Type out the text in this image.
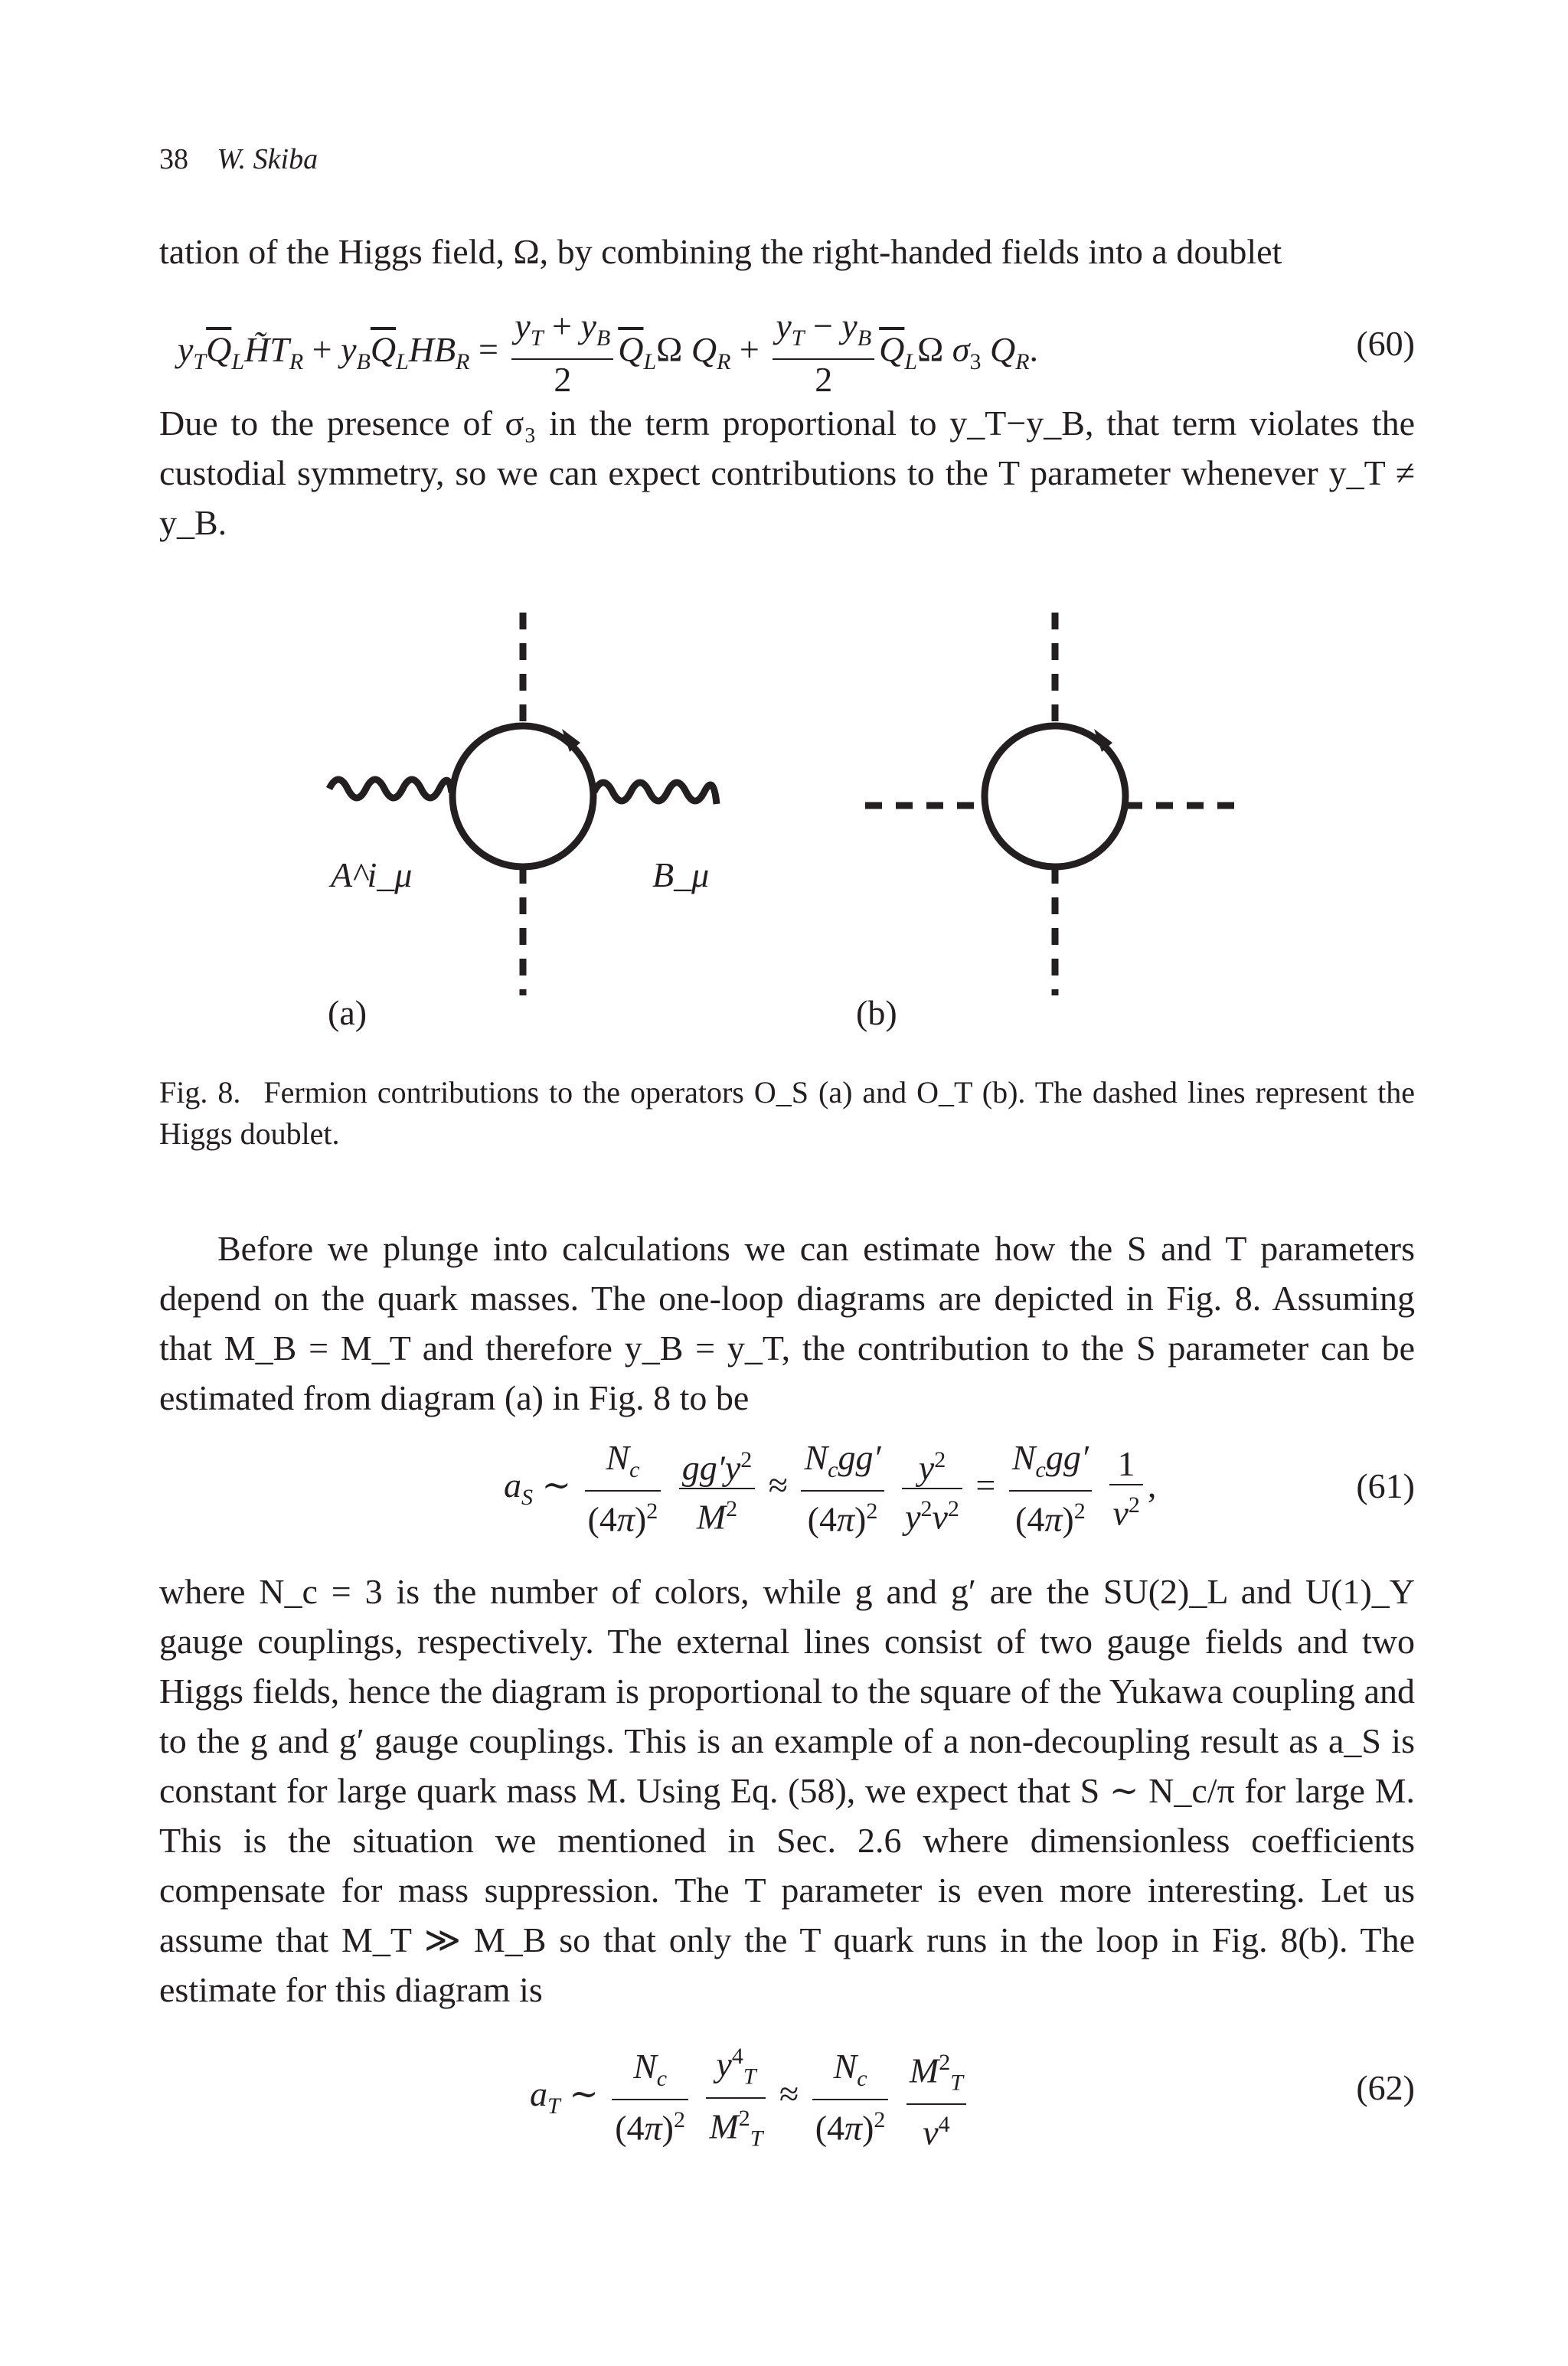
38 W. Skiba

tation of the Higgs field, Ω, by combining the right-handed fields into a doublet

$y_T\overline{Q}_LH̃T_R + y_B\overline{Q}_LHB_R = \frac{y_T + y_B}{2} \overline{Q}_L\Omega$ $Q_R + \frac{y_T - y_B}{2} \overline{Q}_L\Omega$ $\sigma_3$ $Q_R$.	(60)

Due to the presence of σ₃ in the term proportional to y_T−y_B, that term violates the custodial symmetry, so we can expect contributions to the T parameter whenever y_T ≠ y_B.

A^i_μ	B_μ
(a)	(b)
Fig. 8. Fermion contributions to the operators O_S (a) and O_T (b). The dashed lines represent the Higgs doublet.

Before we plunge into calculations we can estimate how the S and T parameters depend on the quark masses. The one-loop diagrams are depicted in Fig. 8. Assuming that M_B = M_T and therefore y_B = y_T, the contribution to the S parameter can be estimated from diagram (a) in Fig. 8 to be

$a_S$ ∼ $\frac{N_c}{(4\pi)^2}$
$\frac{gg'y^2}{M^2} \approx \frac{N_cgg'}{(4\pi)^2}$
$\frac{y^2}{y^2v^2} = \frac{N_cgg'}{(4\pi)^2}$
$\frac{1}{v^2}$ ,	(61)

where N_c = 3 is the number of colors, while g and g′ are the SU(2)_L and U(1)_Y gauge couplings, respectively. The external lines consist of two gauge fields and two Higgs fields, hence the diagram is proportional to the square of the Yukawa coupling and to the g and g′ gauge couplings. This is an example of a non-decoupling result as a_S is constant for large quark mass M. Using Eq. (58), we expect that S ∼ N_c/π for large M. This is the situation we mentioned in Sec. 2.6 where dimensionless coefficients compensate for mass suppression. The T parameter is even more interesting. Let us assume that M_T ≫ M_B so that only the T quark runs in the loop in Fig. 8(b). The estimate for this diagram is

$a_T$ ∼ $\frac{N_c}{(4\pi)^2}$
$\frac{y^4_T}{M^2_T} \approx \frac{N_c}{(4\pi)^2}$
$\frac{M^2_T}{v^4}$	(62)
